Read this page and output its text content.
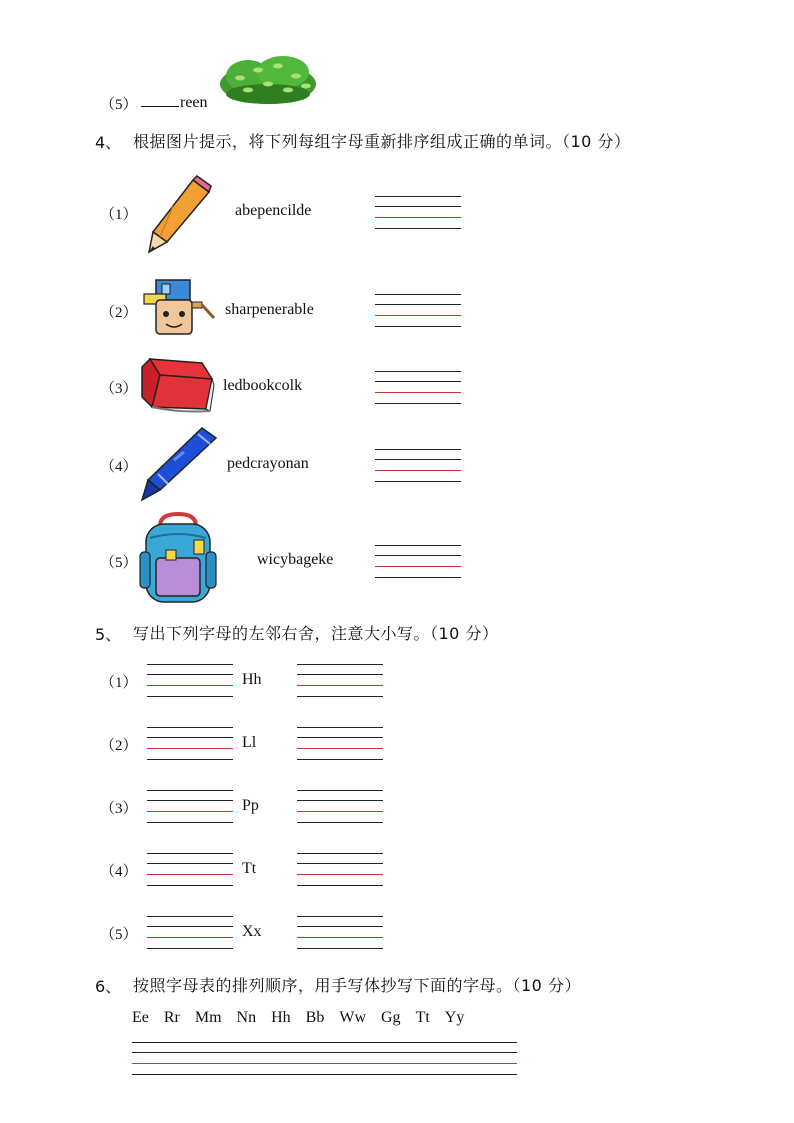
（5）	reen
4、 根据图片提示，将下列每组字母重新排序组成正确的单词。（10 分）
（1）	abepencilde
（2）	sharpenerable
（3）	ledbookcolk
（4）	pedcrayonan
（5）	wicybageke
5、 写出下列字母的左邻右舍，注意大小写。（10 分）
（1）	Hh
（2）	Ll
（3）	Pp
（4）	Tt
（5）	Xx
6、 按照字母表的排列顺序，用手写体抄写下面的字母。（10 分）
Ee Rr Mm Nn Hh Bb Ww Gg Tt Yy
